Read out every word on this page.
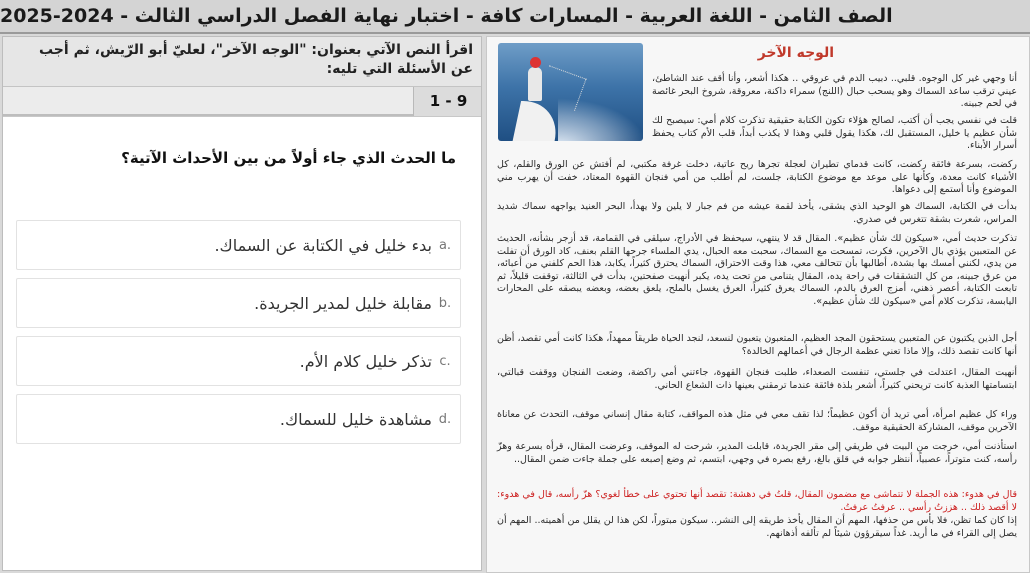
الصف الثامن - اللغة العربية - المسارات كافة - اختبار نهاية الفصل الدراسي الثالث - 2024-2025
اقرأ النص الآتي بعنوان: "الوجه الآخر"، لعليّ أبو الرّيش، ثم أجب عن الأسئلة التي تليه:
1 - 9
ما الحدث الذي جاء أولاً من بين الأحداث الآتية؟
a.
بدء خليل في الكتابة عن السماك.
b.
مقابلة خليل لمدير الجريدة.
c.
تذكر خليل كلام الأم.
d.
مشاهدة خليل للسماك.
الوجه الآخر
أنا وجهي غير كل الوجوه. قلبي.. دبيب الدم في عروقي .. هكذا أشعر، وأنا أقف عند الشاطئ، عيني ترقب ساعد السماك وهو يسحب حبال (اللنج) سمراء داكنة، معروقة، شروخ البحر غائصة في لحم جبينه.
قلت في نفسي يجب أن أكتب، لصالح هؤلاء تكون الكتابة حقيقية تذكرت كلام أمي: سيصبح لك شأن عظيم يا خليل، المستقبل لك، هكذا يقول قلبي وهذا لا يكذب أبداً، قلب الأم كتاب يحفظ أسرار الأبناء.
ركضت، بسرعة فائقة ركضت، كانت قدماي تطيران لعجلة تجرها ريح عاتية، دخلت غرفة مكتبي، لم أفتش عن الورق والقلم، كل الأشياء كانت معدة، وكأنها على موعد مع موضوع الكتابة، جلست، لم أطلب من أمي فنجان القهوة المعتاد، خفت أن يهرب مني الموضوع وأنا أستمع إلى دعواها.
بدأت في الكتابة، السماك هو الوحيد الذي يشقى، يأخذ لقمة عيشه من فم جبار لا يلين ولا يهدأ، البحر العنيد يواجهه سماك شديد المراس، شعرت بشقة تتغرس في صدري.
تذكرت حديث أمي، «سيكون لك شأن عظيم». المقال قد لا ينتهي، سيحفظ في الأدراج، سيلقى في القمامة، قد أزجر بشأنه، الحديث عن المتعبين يؤذي بال الآخرين، فكرت، تمسحت مع السماك، سحبت معه الحبال، يدي الملساء جرحها القلم بعنف، كاد الورق أن تفلت من يدي، لكنني أمسك بها بشدة، أطالبها بأن تتحالف معي، هذا وقت الاحتراق، السماك يحترق كثيراً، يكابد، هذا الحم كلفني من أعبائه، من عرق جبينه، من كل التشققات في راحة يده، المقال يتنامى من تحت يده، يكبر أنهيت صفحتين، بدأت في الثالثة، توقفت قليلاً، ثم تابعت الكتابة، أعصر ذهني، أمزج العرق بالدم، السماك يعرق كثيراً، العرق يغسل بالملح، يلعق بعضه، وبعضه يبصقه على المحارات اليابسة، تذكرت كلام أمي «سيكون لك شأن عظيم».
أجل الذين يكتبون عن المتعبين يستحقون المجد العظيم، المتعبون يتعبون لنسعد، لنجد الحياة طريقاً ممهداً، هكذا كانت أمي تقصد، أظن أنها كانت تقصد ذلك، وإلا ماذا تعني عظمة الرجال في أعمالهم الخالدة؟
أنهيت المقال، اعتدلت في جلستي، تنفست الصعداء، طلبت فنجان القهوة، جاءتني أمي راكضة، وضعت الفنجان ووقفت قبالتي، ابتسامتها العذبة كانت تريحني كثيراً، أشعر بلذة فائقة عندما ترمقني بعينها ذات الشعاع الحاني.
وراء كل عظيم امرأة، أمي تريد أن أكون عظيماً؛ لذا تقف معي في مثل هذه المواقف، كتابة مقال إنساني موقف، التحدث عن معاناة الآخرين موقف، المشاركة الحقيقية موقف.
استأذنت أمي، خرجت من البيت في طريقي إلى مقر الجريدة، قابلت المدير، شرحت له الموقف، وعرضت المقال، قرأه بسرعة وهزّ رأسه، كنت متوتراً، عصبياً، أنتظر جوابه في قلق بالغ، رفع بصره في وجهي، ابتسم، ثم وضع إصبعه على جملة جاءت ضمن المقال..
قال في هدوء: هذه الجملة لا تتماشى مع مضمون المقال، قلتُ في دهشة: تقصد أنها تحتوي على خطأ لغوي؟ هزّ رأسه، قال في هدوء: لا أقصد ذلك .. هززتُ رأسي .. عرفتُ عرفتُ.
إذا كان كما تظن، فلا بأس من حذفها، المهم أن المقال يأخذ طريقه إلى النشر.. سيكون مبتوراً، لكن هذا لن يقلل من أهميته.. المهم أن يصل إلى القراء في ما أريد. غداً سيقرؤون شيئاً لم تألفه أذهانهم.
